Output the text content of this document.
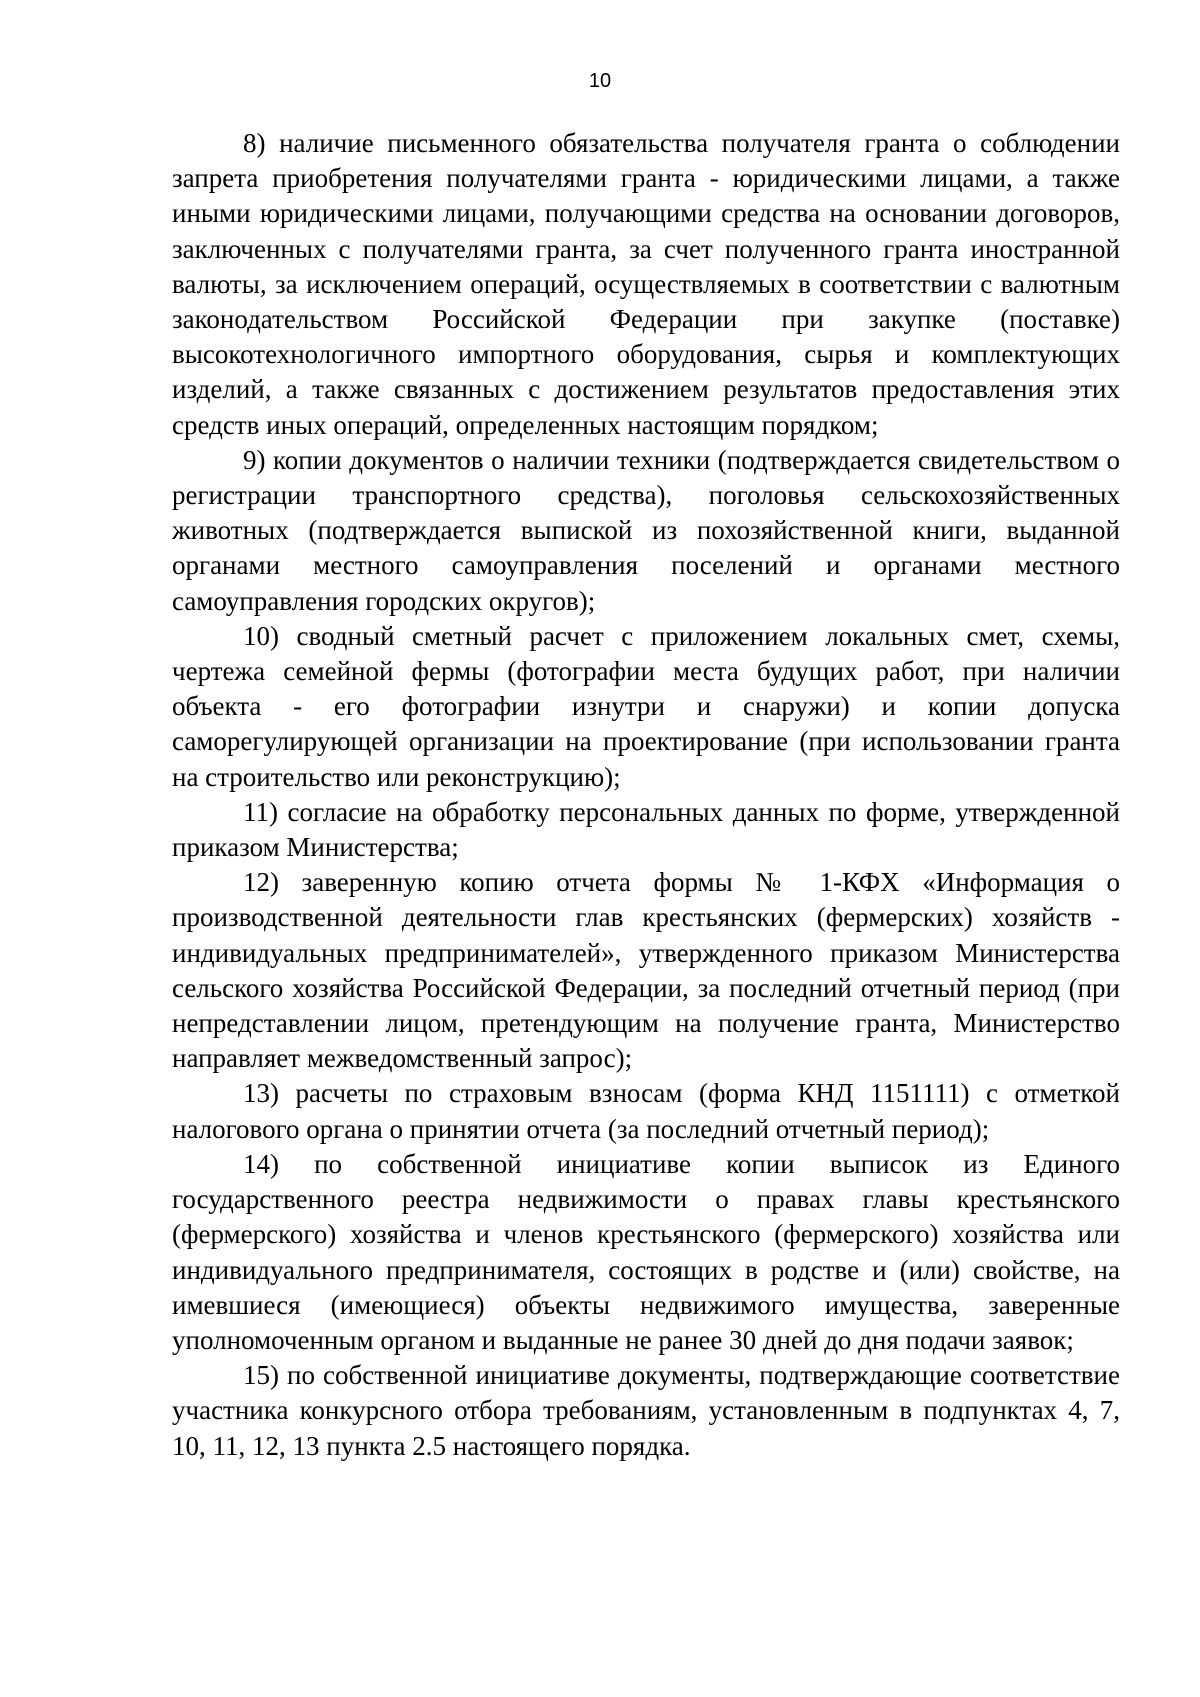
10

8) наличие письменного обязательства получателя гранта о соблюдении запрета приобретения получателями гранта - юридическими лицами, а также иными юридическими лицами, получающими средства на основании договоров, заключенных с получателями гранта, за счет полученного гранта иностранной валюты, за исключением операций, осуществляемых в соответствии с валютным законодательством Российской Федерации при закупке (поставке) высокотехнологичного импортного оборудования, сырья и комплектующих изделий, а также связанных с достижением результатов предоставления этих средств иных операций, определенных настоящим порядком;

9) копии документов о наличии техники (подтверждается свидетельством о регистрации транспортного средства), поголовья сельскохозяйственных животных (подтверждается выпиской из похозяйственной книги, выданной органами местного самоуправления поселений и органами местного самоуправления городских округов);

10) сводный сметный расчет с приложением локальных смет, схемы, чертежа семейной фермы (фотографии места будущих работ, при наличии объекта - его фотографии изнутри и снаружи) и копии допуска саморегулирующей организации на проектирование (при использовании гранта на строительство или реконструкцию);

11) согласие на обработку персональных данных по форме, утвержденной приказом Министерства;

12) заверенную копию отчета формы № 1-КФХ «Информация о производственной деятельности глав крестьянских (фермерских) хозяйств - индивидуальных предпринимателей», утвержденного приказом Министерства сельского хозяйства Российской Федерации, за последний отчетный период (при непредставлении лицом, претендующим на получение гранта, Министерство направляет межведомственный запрос);

13) расчеты по страховым взносам (форма КНД 1151111) с отметкой налогового органа о принятии отчета (за последний отчетный период);

14) по собственной инициативе копии выписок из Единого государственного реестра недвижимости о правах главы крестьянского (фермерского) хозяйства и членов крестьянского (фермерского) хозяйства или индивидуального предпринимателя, состоящих в родстве и (или) свойстве, на имевшиеся (имеющиеся) объекты недвижимого имущества, заверенные уполномоченным органом и выданные не ранее 30 дней до дня подачи заявок;

15) по собственной инициативе документы, подтверждающие соответствие участника конкурсного отбора требованиям, установленным в подпунктах 4, 7, 10, 11, 12, 13 пункта 2.5 настоящего порядка.
